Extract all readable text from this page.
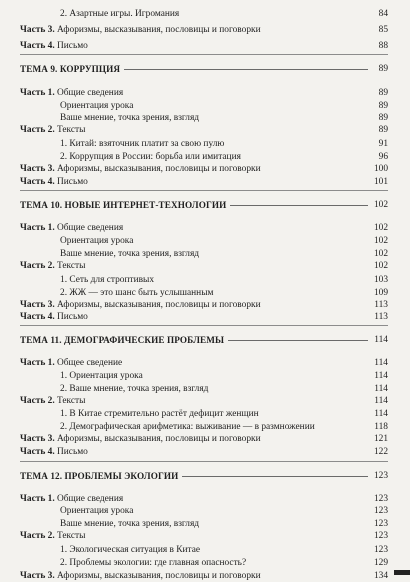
2. Азартные игры. Игромания	84
Часть 3. Афоризмы, высказывания, пословицы и поговорки	85
Часть 4. Письмо	88
ТЕМА 9. КОРРУПЦИЯ	89
Часть 1. Общие сведения	89
Ориентация урока	89
Ваше мнение, точка зрения, взгляд	89
Часть 2. Тексты	89
1. Китай: взяточник платит за свою пулю	91
2. Коррупция в России: борьба или имитация	96
Часть 3. Афоризмы, высказывания, пословицы и поговорки	100
Часть 4. Письмо	101
ТЕМА 10. НОВЫЕ ИНТЕРНЕТ-ТЕХНОЛОГИИ	102
Часть 1. Общие сведения	102
Ориентация урока	102
Ваше мнение, точка зрения, взгляд	102
Часть 2. Тексты	102
1. Сеть для строптивых	103
2. ЖЖ — это шанс быть услышанным	109
Часть 3. Афоризмы, высказывания, пословицы и поговорки	113
Часть 4. Письмо	113
ТЕМА 11. ДЕМОГРАФИЧЕСКИЕ ПРОБЛЕМЫ	114
Часть 1. Общее сведение	114
1. Ориентация урока	114
2. Ваше мнение, точка зрения, взгляд	114
Часть 2. Тексты	114
1. В Китае стремительно растёт дефицит женщин	114
2. Демографическая арифметика: выживание — в размножении	118
Часть 3. Афоризмы, высказывания, пословицы и поговорки	121
Часть 4. Письмо	122
ТЕМА 12. ПРОБЛЕМЫ ЭКОЛОГИИ	123
Часть 1. Общие сведения	123
Ориентация урока	123
Ваше мнение, точка зрения, взгляд	123
Часть 2. Тексты	123
1. Экологическая ситуация в Китае	123
2. Проблемы экологии: где главная опасность?	129
Часть 3. Афоризмы, высказывания, пословицы и поговорки	134
